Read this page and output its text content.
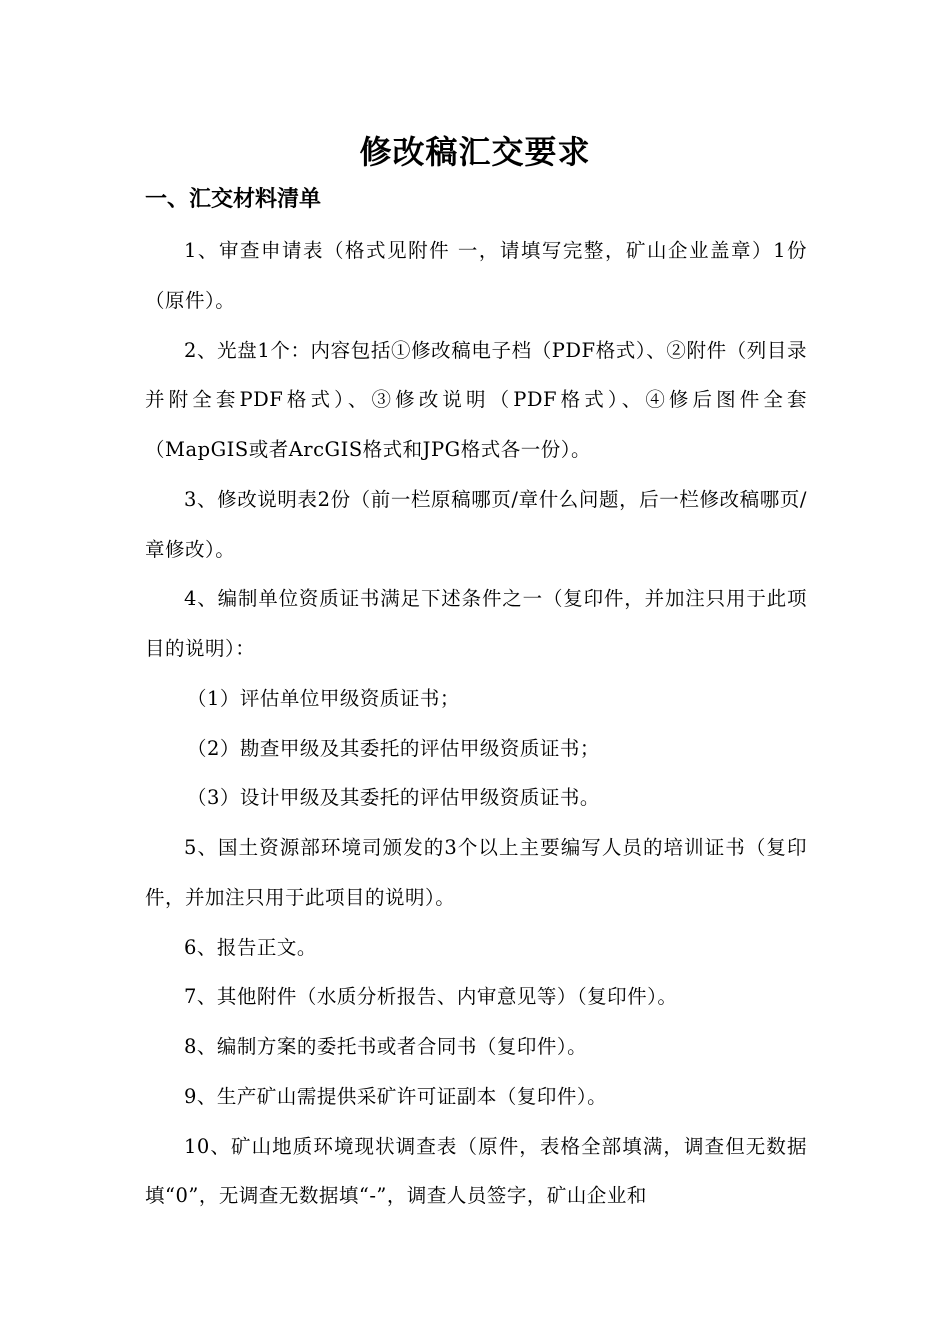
修改稿汇交要求
一、汇交材料清单

1、审查申请表（格式见附件 一，请填写完整，矿山企业盖章）1份（原件）。

2、光盘1个：内容包括①修改稿电子档（PDF格式）、②附件（列目录并附全套PDF格式）、③修改说明（PDF格式）、④修后图件全套（MapGIS或者ArcGIS格式和JPG格式各一份）。

3、修改说明表2份（前一栏原稿哪页/章什么问题，后一栏修改稿哪页/章修改）。

4、编制单位资质证书满足下述条件之一（复印件，并加注只用于此项目的说明）：

（1）评估单位甲级资质证书；

（2）勘查甲级及其委托的评估甲级资质证书；

（3）设计甲级及其委托的评估甲级资质证书。

5、国土资源部环境司颁发的3个以上主要编写人员的培训证书（复印件，并加注只用于此项目的说明）。

6、报告正文。

7、其他附件（水质分析报告、内审意见等）（复印件）。

8、编制方案的委托书或者合同书（复印件）。

9、生产矿山需提供采矿许可证副本（复印件）。

10、矿山地质环境现状调查表（原件，表格全部填满，调查但无数据填“0”，无调查无数据填“-”，调查人员签字，矿山企业和
